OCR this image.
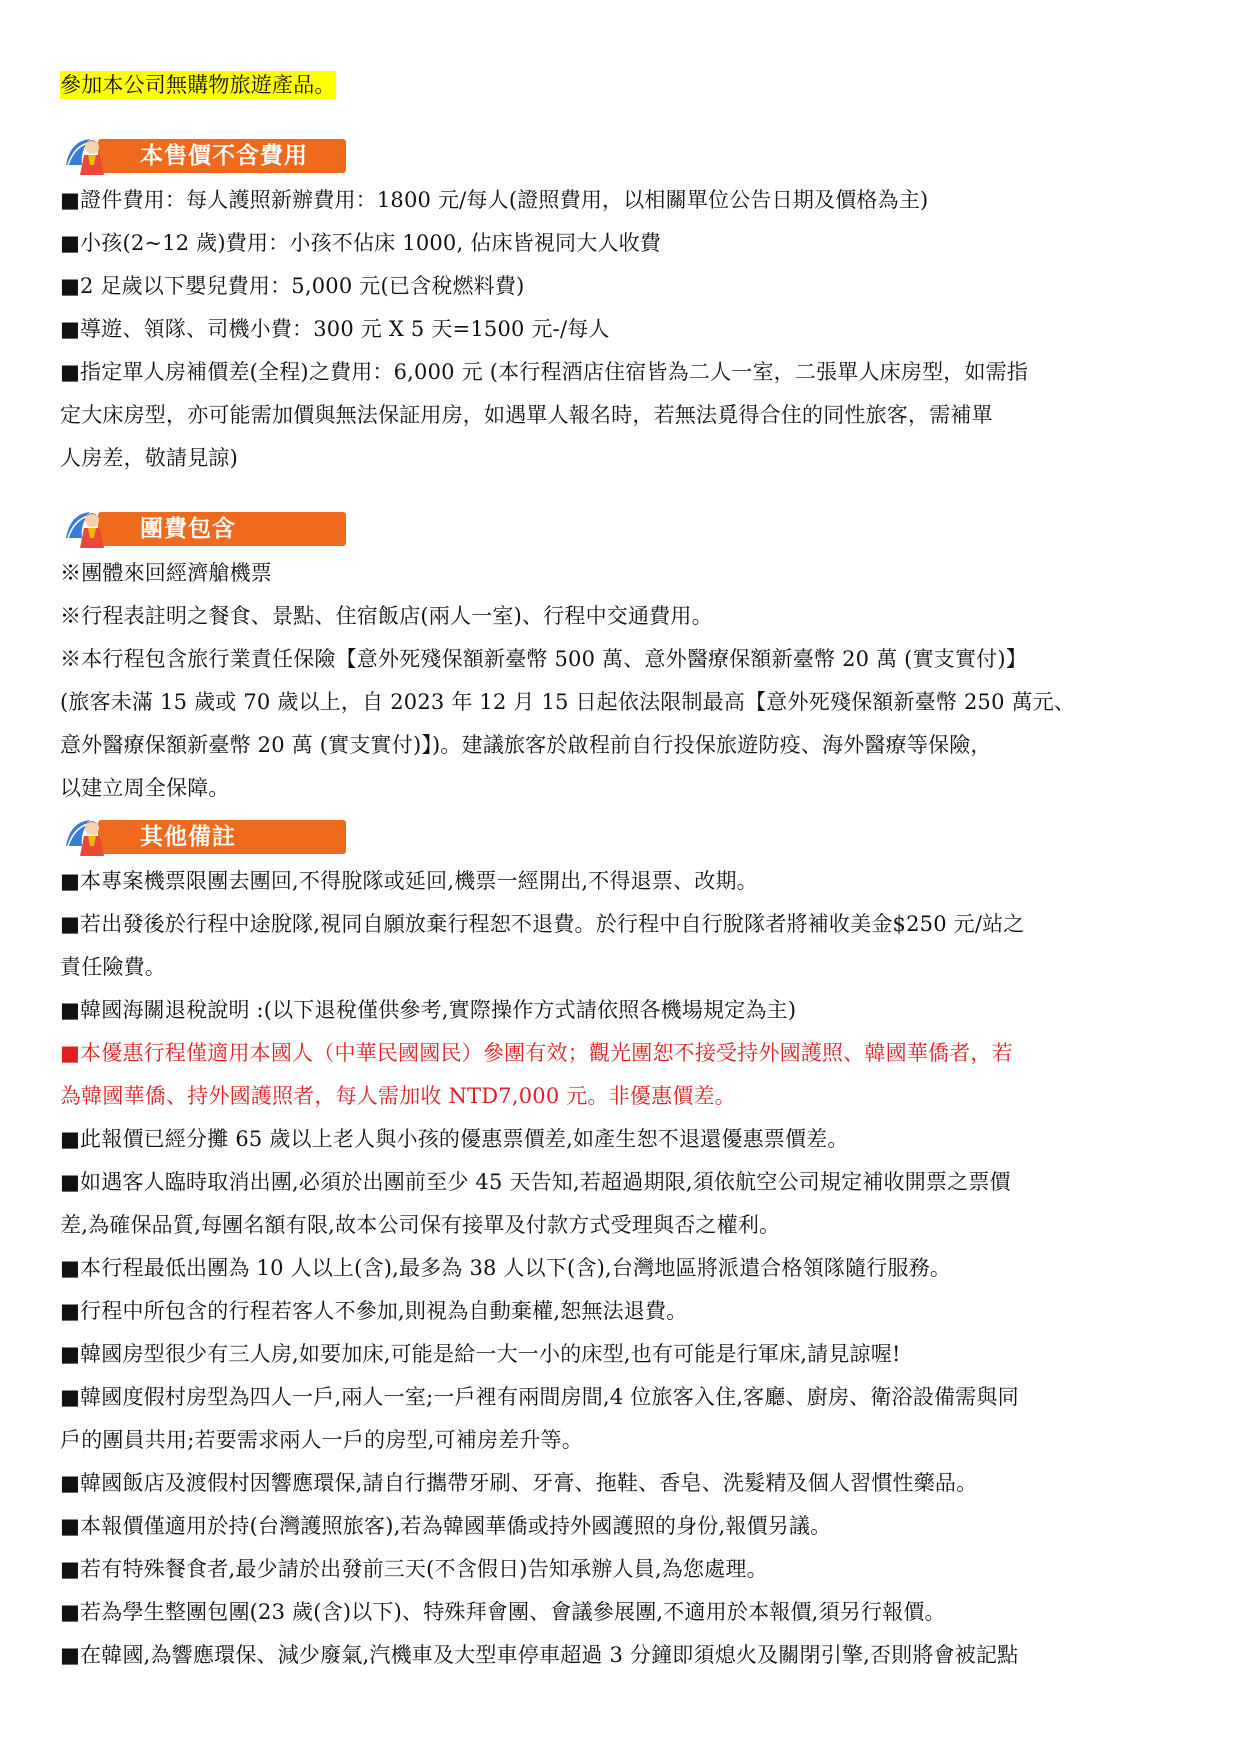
參加本公司無購物旅遊產品。
本售價不含費用
■證件費用：每人護照新辦費用：1800 元/每人(證照費用，以相關單位公告日期及價格為主)
■小孩(2~12 歲)費用：小孩不佔床 1000, 佔床皆視同大人收費
■2 足歲以下嬰兒費用：5,000 元(已含稅燃料費)
■導遊、領隊、司機小費：300 元 X 5 天=1500 元-/每人
■指定單人房補價差(全程)之費用：6,000 元 (本行程酒店住宿皆為二人一室，二張單人床房型，如需指
定大床房型，亦可能需加價與無法保証用房，如遇單人報名時，若無法覓得合住的同性旅客，需補單
人房差，敬請見諒)
團費包含
※團體來回經濟艙機票
※行程表註明之餐食、景點、住宿飯店(兩人一室)、行程中交通費用。
※本行程包含旅行業責任保險【意外死殘保額新臺幣 500 萬、意外醫療保額新臺幣 20 萬 (實支實付)】
(旅客未滿 15 歲或 70 歲以上，自 2023 年 12 月 15 日起依法限制最高【意外死殘保額新臺幣 250 萬元、
意外醫療保額新臺幣 20 萬 (實支實付)】)。建議旅客於啟程前自行投保旅遊防疫、海外醫療等保險，
以建立周全保障。
其他備註
■本專案機票限團去團回,不得脫隊或延回,機票一經開出,不得退票、改期。
■若出發後於行程中途脫隊,視同自願放棄行程恕不退費。於行程中自行脫隊者將補收美金$250 元/站之
責任險費。
■韓國海關退稅說明 :(以下退稅僅供參考,實際操作方式請依照各機場規定為主)
■本優惠行程僅適用本國人（中華民國國民）參團有效；觀光團恕不接受持外國護照、韓國華僑者，若
為韓國華僑、持外國護照者，每人需加收 NTD7,000 元。非優惠價差。
■此報價已經分攤 65 歲以上老人與小孩的優惠票價差,如產生恕不退還優惠票價差。
■如遇客人臨時取消出團,必須於出團前至少 45 天告知,若超過期限,須依航空公司規定補收開票之票價
差,為確保品質,每團名額有限,故本公司保有接單及付款方式受理與否之權利。
■本行程最低出團為 10 人以上(含),最多為 38 人以下(含),台灣地區將派遣合格領隊隨行服務。
■行程中所包含的行程若客人不參加,則視為自動棄權,恕無法退費。
■韓國房型很少有三人房,如要加床,可能是給一大一小的床型,也有可能是行軍床,請見諒喔!
■韓國度假村房型為四人一戶,兩人一室;一戶裡有兩間房間,4 位旅客入住,客廳、廚房、衛浴設備需與同
戶的團員共用;若要需求兩人一戶的房型,可補房差升等。
■韓國飯店及渡假村因響應環保,請自行攜帶牙刷、牙膏、拖鞋、香皂、洗髮精及個人習慣性藥品。
■本報價僅適用於持(台灣護照旅客),若為韓國華僑或持外國護照的身份,報價另議。
■若有特殊餐食者,最少請於出發前三天(不含假日)告知承辦人員,為您處理。
■若為學生整團包團(23 歲(含)以下)、特殊拜會團、會議參展團,不適用於本報價,須另行報價。
■在韓國,為響應環保、減少廢氣,汽機車及大型車停車超過 3 分鐘即須熄火及關閉引擎,否則將會被記點
